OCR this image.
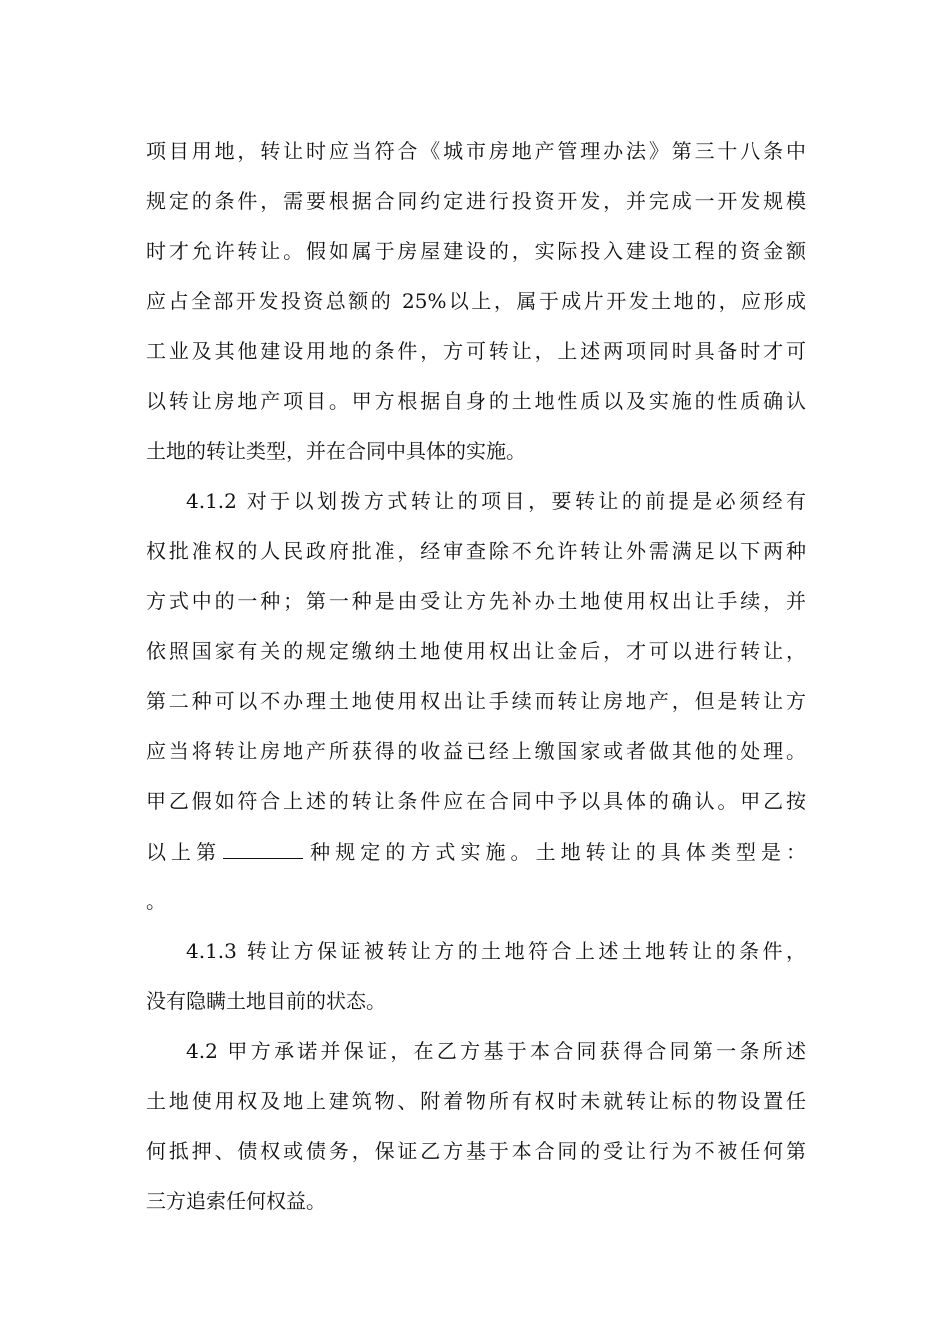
项目用地，转让时应当符合《城市房地产管理办法》第三十八条中
规定的条件，需要根据合同约定进行投资开发，并完成一开发规模
时才允许转让。假如属于房屋建设的，实际投入建设工程的资金额
应占全部开发投资总额的 25%以上，属于成片开发土地的，应形成
工业及其他建设用地的条件，方可转让，上述两项同时具备时才可
以转让房地产项目。甲方根据自身的土地性质以及实施的性质确认
土地的转让类型，并在合同中具体的实施。
4.1.2 对于以划拨方式转让的项目，要转让的前提是必须经有
权批准权的人民政府批准，经审查除不允许转让外需满足以下两种
方式中的一种；第一种是由受让方先补办土地使用权出让手续，并
依照国家有关的规定缴纳土地使用权出让金后，才可以进行转让，
第二种可以不办理土地使用权出让手续而转让房地产，但是转让方
应当将转让房地产所获得的收益已经上缴国家或者做其他的处理。
甲乙假如符合上述的转让条件应在合同中予以具体的确认。甲乙按
以上第	种规定的方式实施。土地转让的具体类型是：
。
4.1.3 转让方保证被转让方的土地符合上述土地转让的条件，
没有隐瞒土地目前的状态。
4.2 甲方承诺并保证，在乙方基于本合同获得合同第一条所述
土地使用权及地上建筑物、附着物所有权时未就转让标的物设置任
何抵押、债权或债务，保证乙方基于本合同的受让行为不被任何第
三方追索任何权益。
